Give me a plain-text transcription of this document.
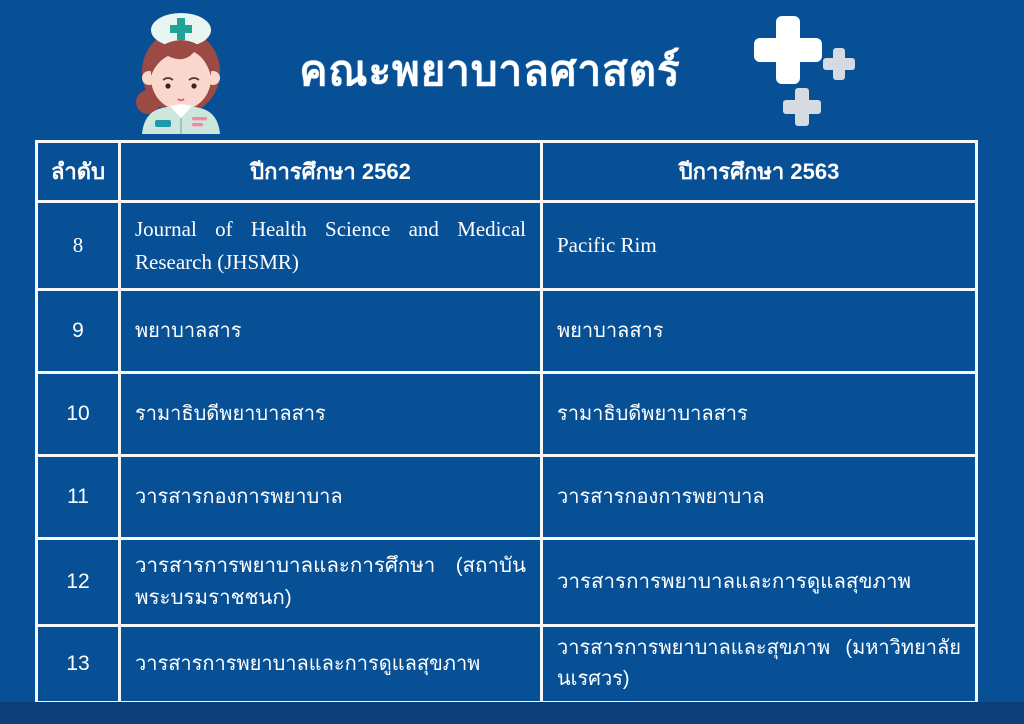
คณะพยาบาลศาสตร์
ลำดับ	ปีการศึกษา 2562	ปีการศึกษา 2563
8	Journal of Health Science and Medical Research (JHSMR)	Pacific Rim
9	พยาบาลสาร	พยาบาลสาร
10	รามาธิบดีพยาบาลสาร	รามาธิบดีพยาบาลสาร
11	วารสารกองการพยาบาล	วารสารกองการพยาบาล
12	วารสารการพยาบาลและการศึกษา (สถาบันพระบรมราชชนก)	วารสารการพยาบาลและการดูแลสุขภาพ
13	วารสารการพยาบาลและการดูแลสุขภาพ	วารสารการพยาบาลและสุขภาพ (มหาวิทยาลัยนเรศวร)
